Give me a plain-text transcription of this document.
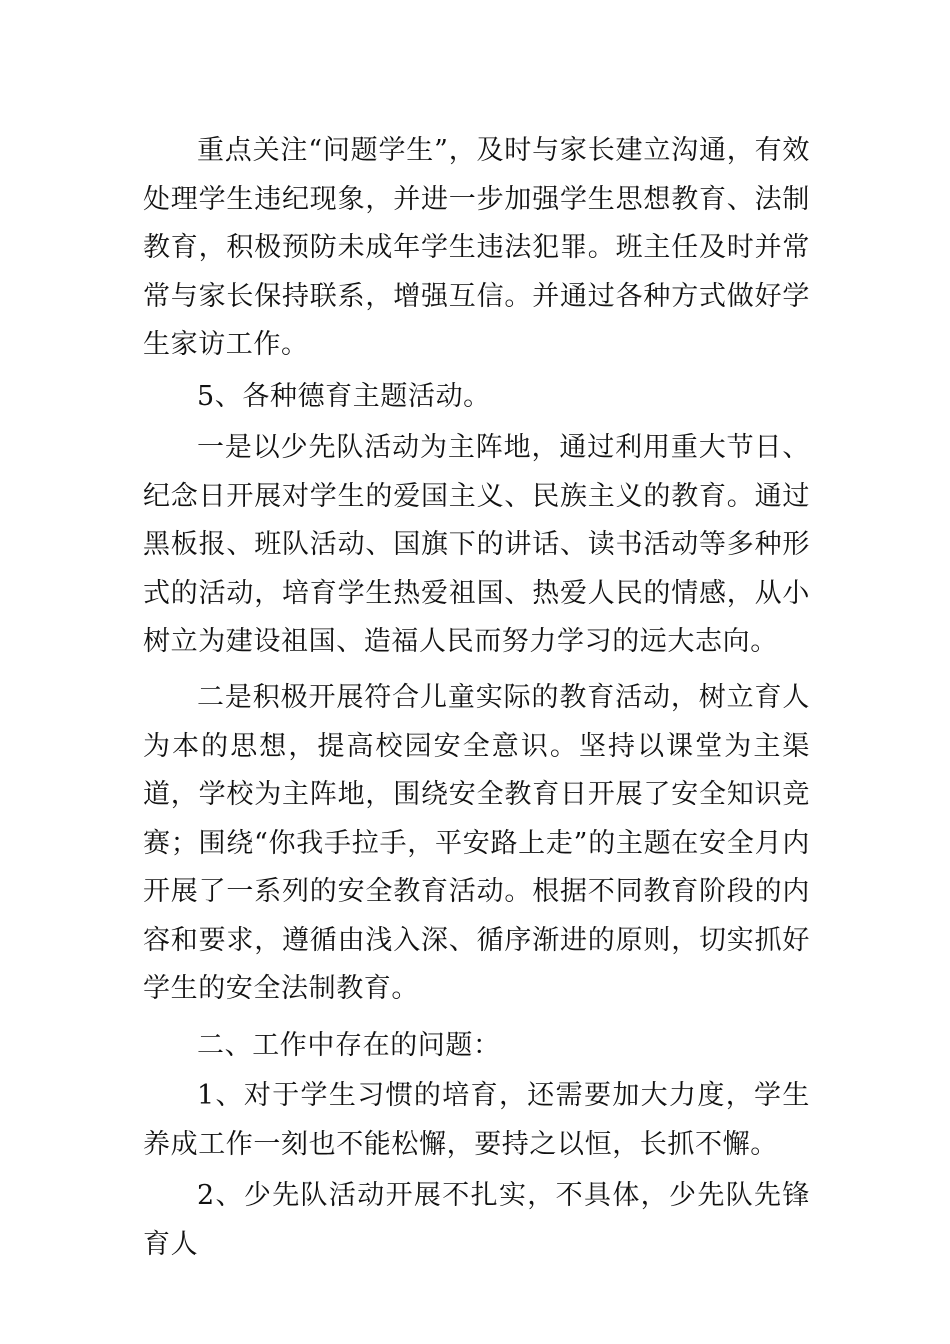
重点关注“问题学生”，及时与家长建立沟通，有效处理学生违纪现象，并进一步加强学生思想教育、法制教育，积极预防未成年学生违法犯罪。班主任及时并常常与家长保持联系，增强互信。并通过各种方式做好学生家访工作。

5、各种德育主题活动。

一是以少先队活动为主阵地，通过利用重大节日、纪念日开展对学生的爱国主义、民族主义的教育。通过黑板报、班队活动、国旗下的讲话、读书活动等多种形式的活动，培育学生热爱祖国、热爱人民的情感，从小树立为建设祖国、造福人民而努力学习的远大志向。

二是积极开展符合儿童实际的教育活动，树立育人为本的思想，提高校园安全意识。坚持以课堂为主渠道，学校为主阵地，围绕安全教育日开展了安全知识竞赛；围绕“你我手拉手，平安路上走”的主题在安全月内开展了一系列的安全教育活动。根据不同教育阶段的内容和要求，遵循由浅入深、循序渐进的原则，切实抓好学生的安全法制教育。

二、工作中存在的问题：

1、对于学生习惯的培育，还需要加大力度，学生养成工作一刻也不能松懈，要持之以恒，长抓不懈。

2、少先队活动开展不扎实，不具体，少先队先锋育人
